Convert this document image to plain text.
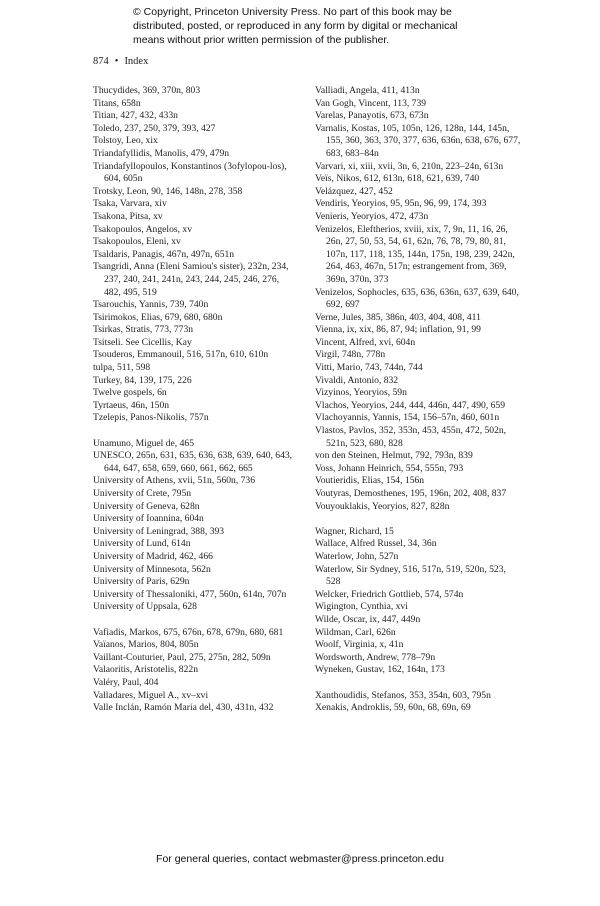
© Copyright, Princeton University Press. No part of this book may be
distributed, posted, or reproduced in any form by digital or mechanical
means without prior written permission of the publisher.
874 • Index
Thucydides, 369, 370n, 803
Titans, 658n
Titian, 427, 432, 433n
Toledo, 237, 250, 379, 393, 427
Tolstoy, Leo, xix
Triandafyllidis, Manolis, 479, 479n
Triandafyllopoulos, Konstantinos (3ofylopou-los), 604, 605n
Trotsky, Leon, 90, 146, 148n, 278, 358
Tsaka, Varvara, xiv
Tsakona, Pitsa, xv
Tsakopoulos, Angelos, xv
Tsakopoulos, Eleni, xv
Tsaldaris, Panagis, 467n, 497n, 651n
Tsangridi, Anna (Eleni Samiou's sister), 232n, 234, 237, 240, 241, 241n, 243, 244, 245, 246, 276, 482, 495, 519
Tsarouchis, Yannis, 739, 740n
Tsirimokos, Elias, 679, 680, 680n
Tsirkas, Stratis, 773, 773n
Tsitseli. See Cicellis, Kay
Tsouderos, Emmanouil, 516, 517n, 610, 610n
tulpa, 511, 598
Turkey, 84, 139, 175, 226
Twelve gospels, 6n
Tyrtaeus, 46n, 150n
Tzelepis, Panos-Nikolis, 757n
Unamuno, Miguel de, 465
UNESCO, 265n, 631, 635, 636, 638, 639, 640, 643, 644, 647, 658, 659, 660, 661, 662, 665
University of Athens, xvii, 51n, 560n, 736
University of Crete, 795n
University of Geneva, 628n
University of Ioannina, 604n
University of Leningrad, 388, 393
University of Lund, 614n
University of Madrid, 462, 466
University of Minnesota, 562n
University of Paris, 629n
University of Thessaloniki, 477, 560n, 614n, 707n
University of Uppsala, 628
Vafiadis, Markos, 675, 676n, 678, 679n, 680, 681
Vaïanos, Marios, 804, 805n
Vaillant-Couturier, Paul, 275, 275n, 282, 509n
Valaoritis, Aristotelis, 822n
Valéry, Paul, 404
Valladares, Miguel A., xv–xvi
Valle Inclán, Ramón María del, 430, 431n, 432
Valliadi, Angela, 411, 413n
Van Gogh, Vincent, 113, 739
Varelas, Panayotis, 673, 673n
Varnalis, Kostas, 105, 105n, 126, 128n, 144, 145n, 155, 360, 363, 370, 377, 636, 636n, 638, 676, 677, 683, 683–84n
Varvari, xi, xiii, xvii, 3n, 6, 210n, 223–24n, 613n
Veïs, Nikos, 612, 613n, 618, 621, 639, 740
Velázquez, 427, 452
Vendiris, Yeoryios, 95, 95n, 96, 99, 174, 393
Venieris, Yeoryios, 472, 473n
Venizelos, Eleftherios, xviii, xix, 7, 9n, 11, 16, 26, 26n, 27, 50, 53, 54, 61, 62n, 76, 78, 79, 80, 81, 107n, 117, 118, 135, 144n, 175n, 198, 239, 242n, 264, 463, 467n, 517n; estrangement from, 369, 369n, 370n, 373
Venizelos, Sophocles, 635, 636, 636n, 637, 639, 640, 692, 697
Verne, Jules, 385, 386n, 403, 404, 408, 411
Vienna, ix, xix, 86, 87, 94; inflation, 91, 99
Vincent, Alfred, xvi, 604n
Virgil, 748n, 778n
Vitti, Mario, 743, 744n, 744
Vivaldi, Antonio, 832
Vizyinos, Yeoryios, 59n
Vlachos, Yeoryios, 244, 444, 446n, 447, 490, 659
Vlachoyannis, Yannis, 154, 156–57n, 460, 601n
Vlastos, Pavlos, 352, 353n, 453, 455n, 472, 502n, 521n, 523, 680, 828
von den Steinen, Helmut, 792, 793n, 839
Voss, Johann Heinrich, 554, 555n, 793
Voutieridis, Elias, 154, 156n
Voutyras, Demosthenes, 195, 196n, 202, 408, 837
Vouyouklakis, Yeoryios, 827, 828n
Wagner, Richard, 15
Wallace, Alfred Russel, 34, 36n
Waterlow, John, 527n
Waterlow, Sir Sydney, 516, 517n, 519, 520n, 523, 528
Welcker, Friedrich Gottlieb, 574, 574n
Wigington, Cynthia, xvi
Wilde, Oscar, ix, 447, 449n
Wildman, Carl, 626n
Woolf, Virginia, x, 41n
Wordsworth, Andrew, 778–79n
Wyneken, Gustav, 162, 164n, 173
Xanthoudidis, Stefanos, 353, 354n, 603, 795n
Xenakis, Androklis, 59, 60n, 68, 69n, 69
For general queries, contact webmaster@press.princeton.edu
